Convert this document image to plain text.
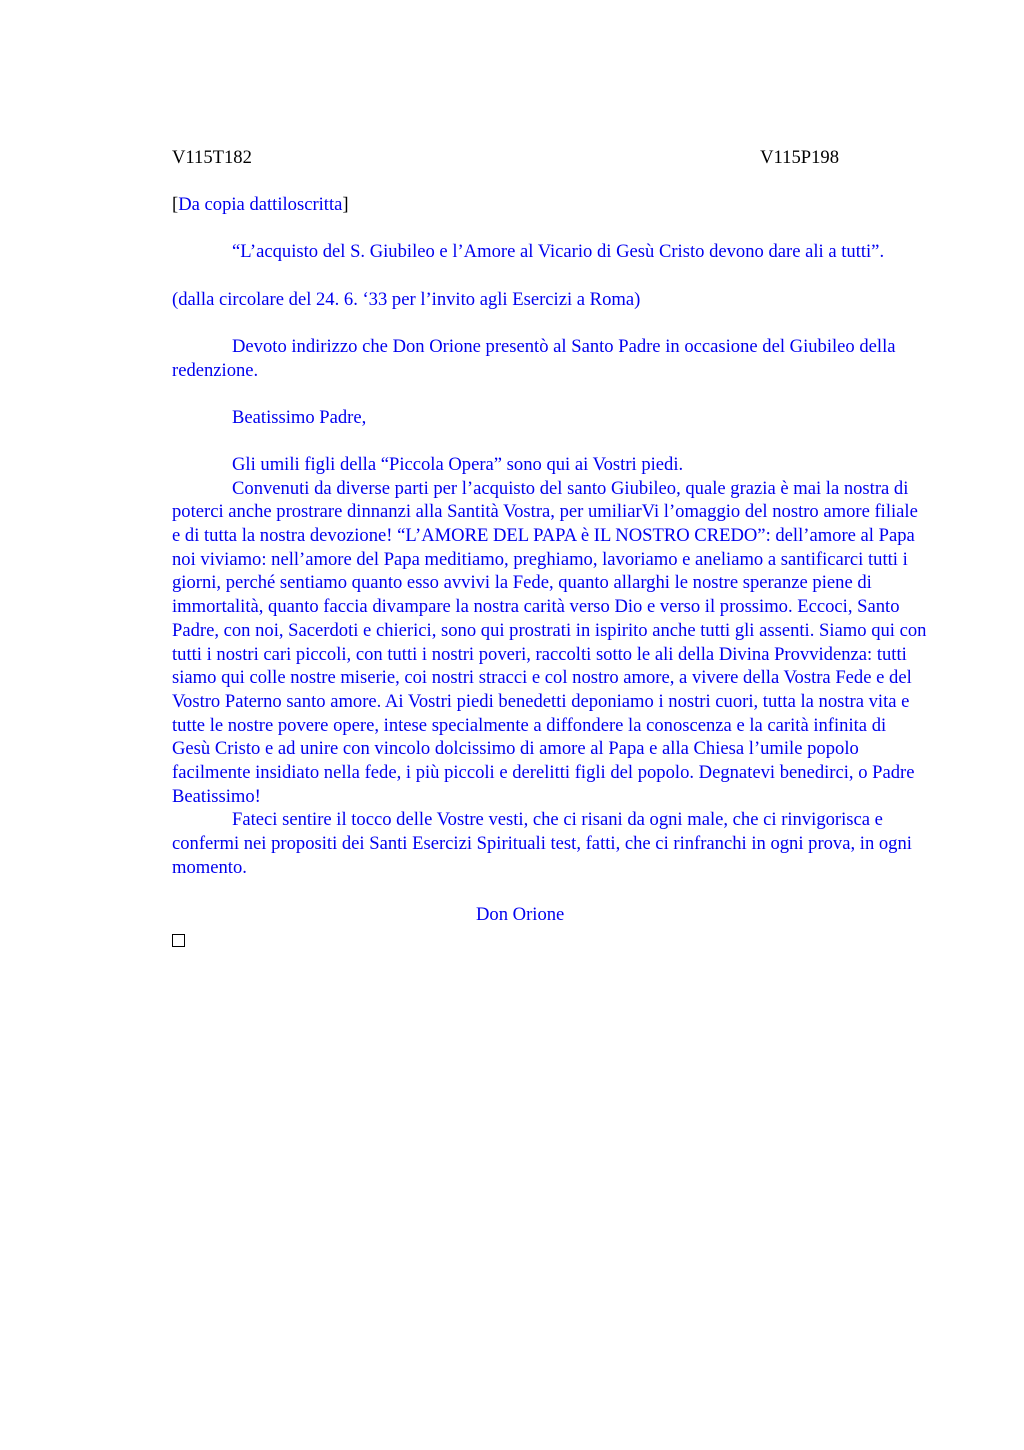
V115T182	V115P198

[Da copia dattiloscritta]

“L’acquisto del S. Giubileo e l’Amore al Vicario di Gesù Cristo devono dare ali a tutti”.

(dalla circolare del 24. 6. ‘33 per l’invito agli Esercizi a Roma)

Devoto indirizzo che Don Orione presentò al Santo Padre in occasione del Giubileo della redenzione.

Beatissimo Padre,

Gli umili figli della “Piccola Opera” sono qui ai Vostri piedi.

Convenuti da diverse parti per l’acquisto del santo Giubileo, quale grazia è mai la nostra di poterci anche prostrare dinnanzi alla Santità Vostra, per umiliarVi l’omaggio del nostro amore filiale e di tutta la nostra devozione! “L’AMORE DEL PAPA è IL NOSTRO CREDO”: dell’amore al Papa noi viviamo: nell’amore del Papa meditiamo, preghiamo, lavoriamo e aneliamo a santificarci tutti i giorni, perché sentiamo quanto esso avvivi la Fede, quanto allarghi le nostre speranze piene di immortalità, quanto faccia divampare la nostra carità verso Dio e verso il prossimo. Eccoci, Santo Padre, con noi, Sacerdoti e chierici, sono qui prostrati in ispirito anche tutti gli assenti. Siamo qui con tutti i nostri cari piccoli, con tutti i nostri poveri, raccolti sotto le ali della Divina Provvidenza: tutti siamo qui colle nostre miserie, coi nostri stracci e col nostro amore, a vivere della Vostra Fede e del Vostro Paterno santo amore. Ai Vostri piedi benedetti deponiamo i nostri cuori, tutta la nostra vita e tutte le nostre povere opere, intese specialmente a diffondere la conoscenza e la carità infinita di Gesù Cristo e ad unire con vincolo dolcissimo di amore al Papa e alla Chiesa l’umile popolo facilmente insidiato nella fede, i più piccoli e derelitti figli del popolo. Degnatevi benedirci, o Padre Beatissimo!

Fateci sentire il tocco delle Vostre vesti, che ci risani da ogni male, che ci rinvigorisca e confermi nei propositi dei Santi Esercizi Spirituali test, fatti, che ci rinfranchi in ogni prova, in ogni momento.

Don Orione
